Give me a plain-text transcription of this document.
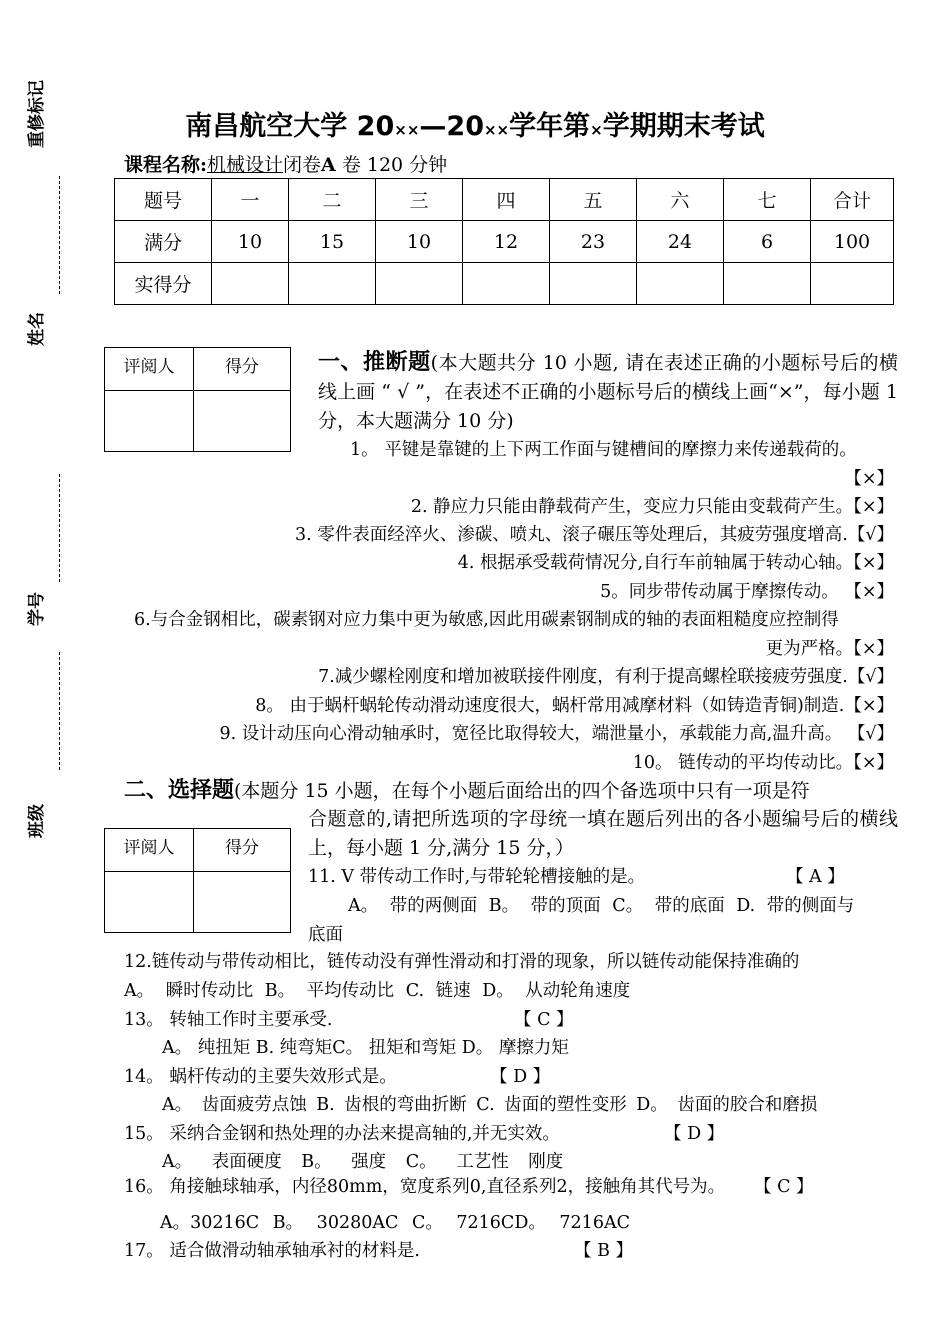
重修标记
姓名
学号
班级
南昌航空大学 20××—20××学年第×学期期末考试
课程名称:机械设计闭卷A 卷 120 分钟
题号	一	二	三	四	五	六	七	合计
满分	10	15	10	12	23	24	6	100
实得分								
评阅人	得分
		一、推断题(本大题共分 10 小题, 请在表述正确的小题标号后的横线上画 “ √ ”，在表述不正确的小题标号后的横线上画“×”，每小题 1 分，本大题满分 10 分)
1。 平键是靠键的上下两工作面与键槽间的摩擦力来传递载荷的。
【×】
2. 静应力只能由静载荷产生，变应力只能由变载荷产生。【×】
3. 零件表面经淬火、渗碳、喷丸、滚子碾压等处理后，其疲劳强度增高.【√】
4. 根据承受载荷情况分,自行车前轴属于转动心轴。【×】
5。同步带传动属于摩擦传动。 【×】
6.与合金钢相比，碳素钢对应力集中更为敏感,因此用碳素钢制成的轴的表面粗糙度应控制得
更为严格。【×】
7.减少螺栓刚度和增加被联接件刚度，有利于提高螺栓联接疲劳强度.【√】
8。 由于蜗杆蜗轮传动滑动速度很大，蜗杆常用减摩材料（如铸造青铜)制造.【×】
9. 设计动压向心滑动轴承时，宽径比取得较大，端泄量小，承载能力高,温升高。 【√】
10。 链传动的平均传动比。【×】
二、选择题(本题分 15 小题，在每个小题后面给出的四个备选项中只有一项是符
合题意的,请把所选项的字母统一填在题后列出的各小题编号后的横线上，每小题 1 分,满分 15 分，）
评阅人	得分

11. V 带传动工作时,与带轮轮槽接触的是。	【 A 】
A。 带的两侧面 B。 带的顶面 C。 带的底面 D. 带的侧面与
底面
12.链传动与带传动相比，链传动没有弹性滑动和打滑的现象，所以链传动能保持准确的
A。 瞬时传动比 B。 平均传动比 C. 链速 D。 从动轮角速度
13。 转轴工作时主要承受.	【 C 】
A。 纯扭矩 B. 纯弯矩C。 扭矩和弯矩 D。 摩擦力矩
14。 蜗杆传动的主要失效形式是。	【 D 】
A。 齿面疲劳点蚀 B. 齿根的弯曲折断 C. 齿面的塑性变形 D。 齿面的胶合和磨损
15。 采纳合金钢和热处理的办法来提高轴的,并无实效。	【 D 】
A。 表面硬度 B。 强度 C。 工艺性 刚度
16。 角接触球轴承，内径80mm，宽度系列0,直径系列2，接触角其代号为。 【 C 】
A。30216C B。 30280AC C。 7216CD。 7216AC
17。 适合做滑动轴承轴承衬的材料是.	【 B 】
